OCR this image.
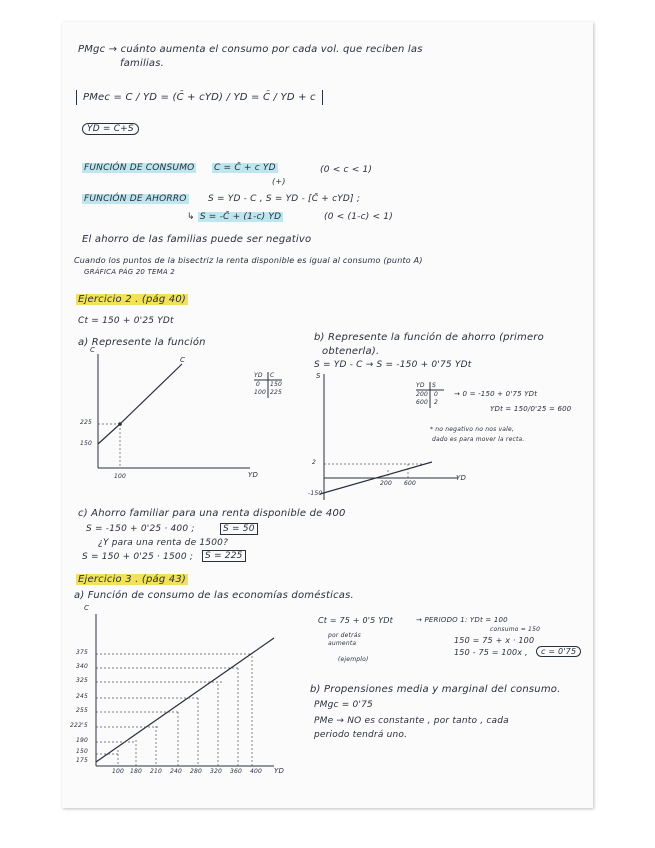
PMgc → cuánto aumenta el consumo por cada vol. que reciben las
familias.
PMec = C / YD = (C̄ + cYD) / YD = C̄ / YD + c
YD = C+S
FUNCIÓN DE CONSUMO C = C̄ + c YD
(+)
(0 < c < 1)
FUNCIÓN DE AHORRO S = YD - C , S = YD - [C̄ + cYD] ;
↳ S = -C̄ + (1-c) YD	(0 < (1-c) < 1)
El ahorro de las familias puede ser negativo
Cuando los puntos de la bisectriz la renta disponible es igual al consumo (punto A)
GRÁFICA PÁG 20 TEMA 2
Ejercicio 2 . (pág 40)
Ct = 150 + 0'25 YDt
a) Represente la función
C
YD
225
150
100
C
YD C
0 150
100 225
b) Represente la función de ahorro (primero
obtenerla).
S = YD - C → S = -150 + 0'75 YDt
S
YD
2
-150
200 600
YD S
200 0
600 2
→ 0 = -150 + 0'75 YDt
YDt = 150/0'25 = 600
* no negativo no nos vale,
dado es para mover la recta.
c) Ahorro familiar para una renta disponible de 400
S = -150 + 0'25 · 400 ;	S = 50
¿Y para una renta de 1500?
S = 150 + 0'25 · 1500 ;	S = 225
Ejercicio 3 . (pág 43)
a) Función de consumo de las economías domésticas.
C
YD
375
340
325
245
255
222'5
190
150
175
100 180 210 240 280 320 360 400
Ct = 75 + 0'5 YDt	→ PERIODO 1: YDt = 100
consumo = 150
por detrás
aumenta
(ejemplo)
150 = 75 + x · 100
150 - 75 = 100x ,	c = 0'75
b) Propensiones media y marginal del consumo.
PMgc = 0'75
PMe → NO es constante , por tanto , cada
periodo tendrá uno.
